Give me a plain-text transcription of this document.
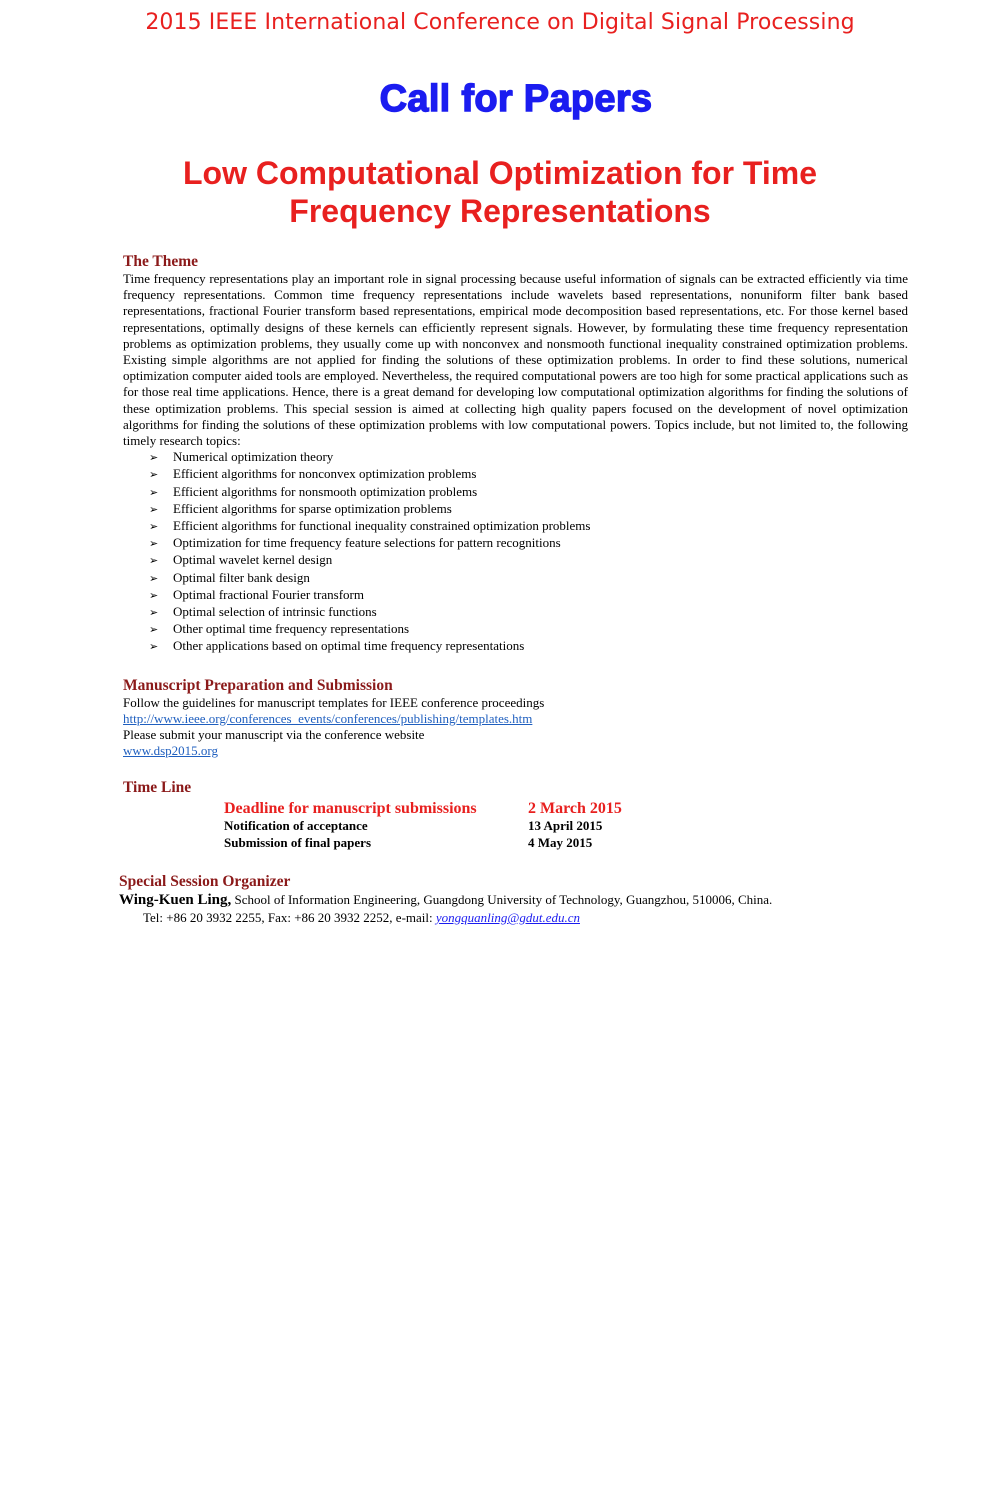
2015 IEEE International Conference on Digital Signal Processing
Call for Papers
Low Computational Optimization for Time
Frequency Representations
The Theme

Time frequency representations play an important role in signal processing because useful information of signals can be extracted efficiently via time frequency representations. Common time frequency representations include wavelets based representations, nonuniform filter bank based representations, fractional Fourier transform based representations, empirical mode decomposition based representations, etc. For those kernel based representations, optimally designs of these kernels can efficiently represent signals. However, by formulating these time frequency representation problems as optimization problems, they usually come up with nonconvex and nonsmooth functional inequality constrained optimization problems. Existing simple algorithms are not applied for finding the solutions of these optimization problems. In order to find these solutions, numerical optimization computer aided tools are employed. Nevertheless, the required computational powers are too high for some practical applications such as for those real time applications. Hence, there is a great demand for developing low computational optimization algorithms for finding the solutions of these optimization problems. This special session is aimed at collecting high quality papers focused on the development of novel optimization algorithms for finding the solutions of these optimization problems with low computational powers. Topics include, but not limited to, the following timely research topics:

➢	Numerical optimization theory
➢	Efficient algorithms for nonconvex optimization problems
➢	Efficient algorithms for nonsmooth optimization problems
➢	Efficient algorithms for sparse optimization problems
➢	Efficient algorithms for functional inequality constrained optimization problems
➢	Optimization for time frequency feature selections for pattern recognitions
➢	Optimal wavelet kernel design
➢	Optimal filter bank design
➢	Optimal fractional Fourier transform
➢	Optimal selection of intrinsic functions
➢	Other optimal time frequency representations
➢	Other applications based on optimal time frequency representations
Manuscript Preparation and Submission
Follow the guidelines for manuscript templates for IEEE conference proceedings
http://www.ieee.org/conferences_events/conferences/publishing/templates.htm
Please submit your manuscript via the conference website
www.dsp2015.org
Time Line
Deadline for manuscript submissions	2 March 2015
Notification of acceptance	13 April 2015
Submission of final papers	4 May 2015
Special Session Organizer
Wing-Kuen Ling, School of Information Engineering, Guangdong University of Technology, Guangzhou, 510006, China.
Tel: +86 20 3932 2255, Fax: +86 20 3932 2252, e-mail: yongquanling@gdut.edu.cn
